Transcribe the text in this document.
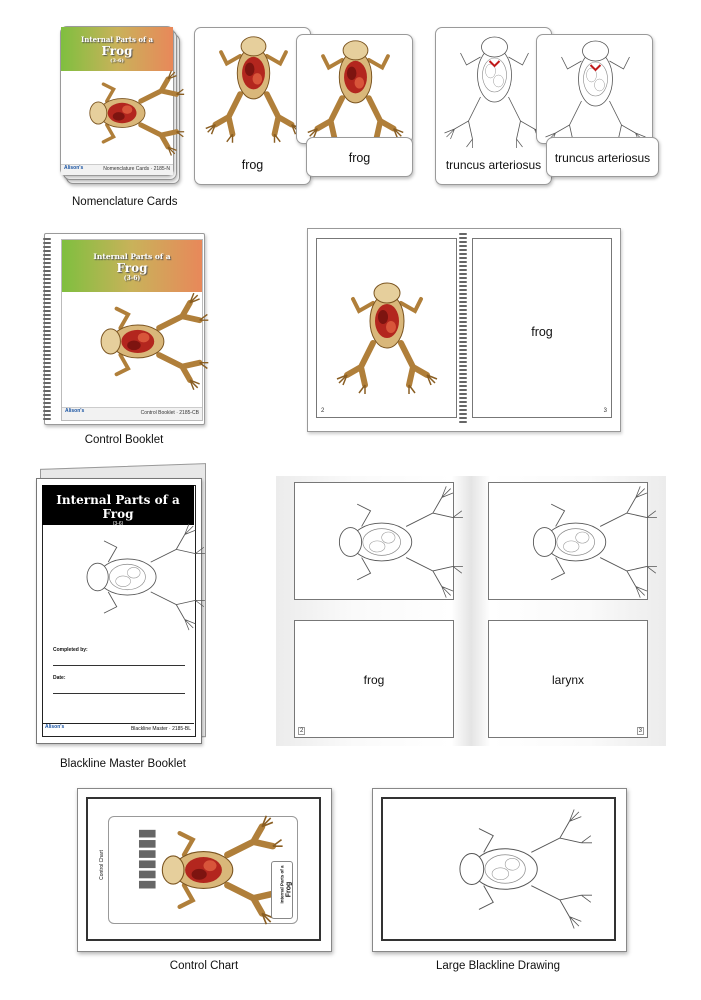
Internal Parts of a
Frog
(3-6)
Alison's	Nomenclature Cards · 2185-N	frog	frog	truncus arteriosus	truncus arteriosus
Nomenclature Cards
Internal Parts of a
Frog
(3-6)
Alison's	Control Booklet · 2185-CB
Control Booklet
2
frog
3
Internal Parts of a Frog
(3-6)
Completed by:
Date:
Alison's	Blackline Master · 2185-BL
Blackline Master Booklet
frog
2
larynx
3
Control Chart
Internal Parts of a Frog
Control Chart	Large Blackline Drawing
